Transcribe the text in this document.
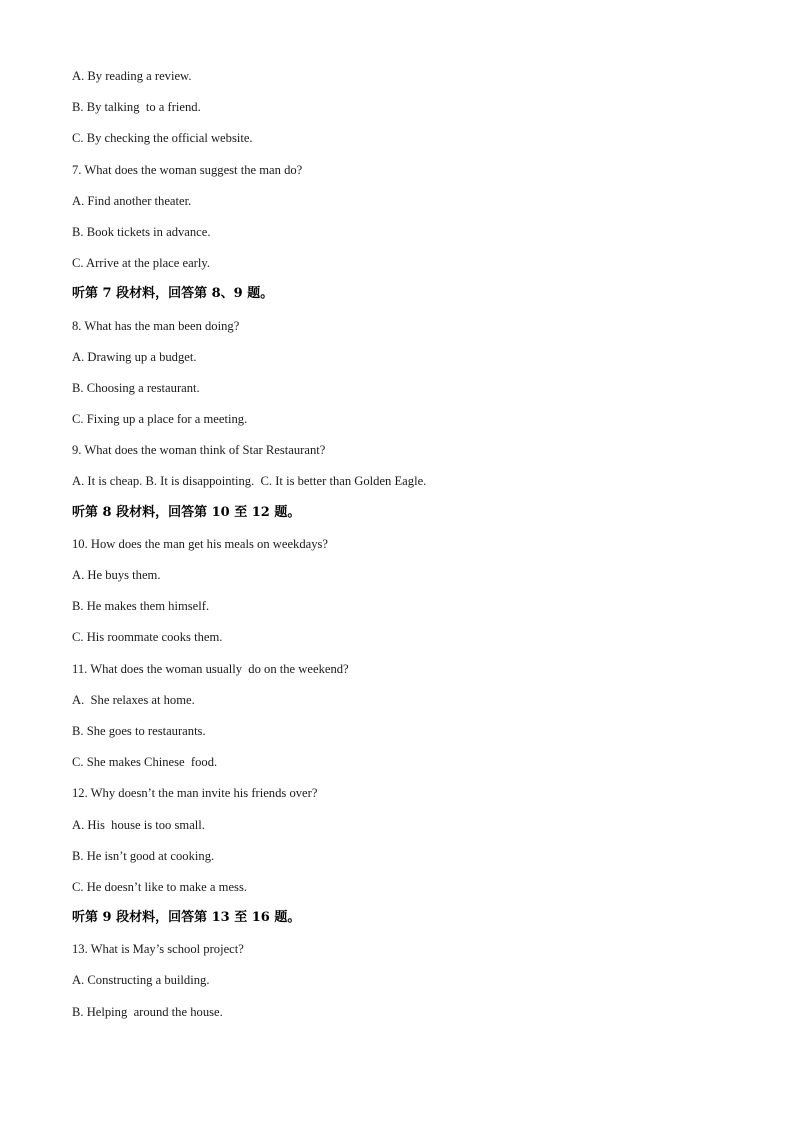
A. By reading a review.
B. By talking  to a friend.
C. By checking the official website.
7. What does the woman suggest the man do?
A. Find another theater.
B. Book tickets in advance.
C. Arrive at the place early.
听第 7 段材料，回答第 8、9 题。
8. What has the man been doing?
A. Drawing up a budget.
B. Choosing a restaurant.
C. Fixing up a place for a meeting.
9. What does the woman think of Star Restaurant?
A. It is cheap. B. It is disappointing.  C. It is better than Golden Eagle.
听第 8 段材料，回答第 10 至 12 题。
10. How does the man get his meals on weekdays?
A. He buys them.
B. He makes them himself.
C. His roommate cooks them.
11. What does the woman usually  do on the weekend?
A.  She relaxes at home.
B. She goes to restaurants.
C. She makes Chinese  food.
12. Why doesn’t the man invite his friends over?
A. His  house is too small.
B. He isn’t good at cooking.
C. He doesn’t like to make a mess.
听第 9 段材料，回答第 13 至 16 题。
13. What is May’s school project?
A. Constructing a building.
B. Helping  around the house.
